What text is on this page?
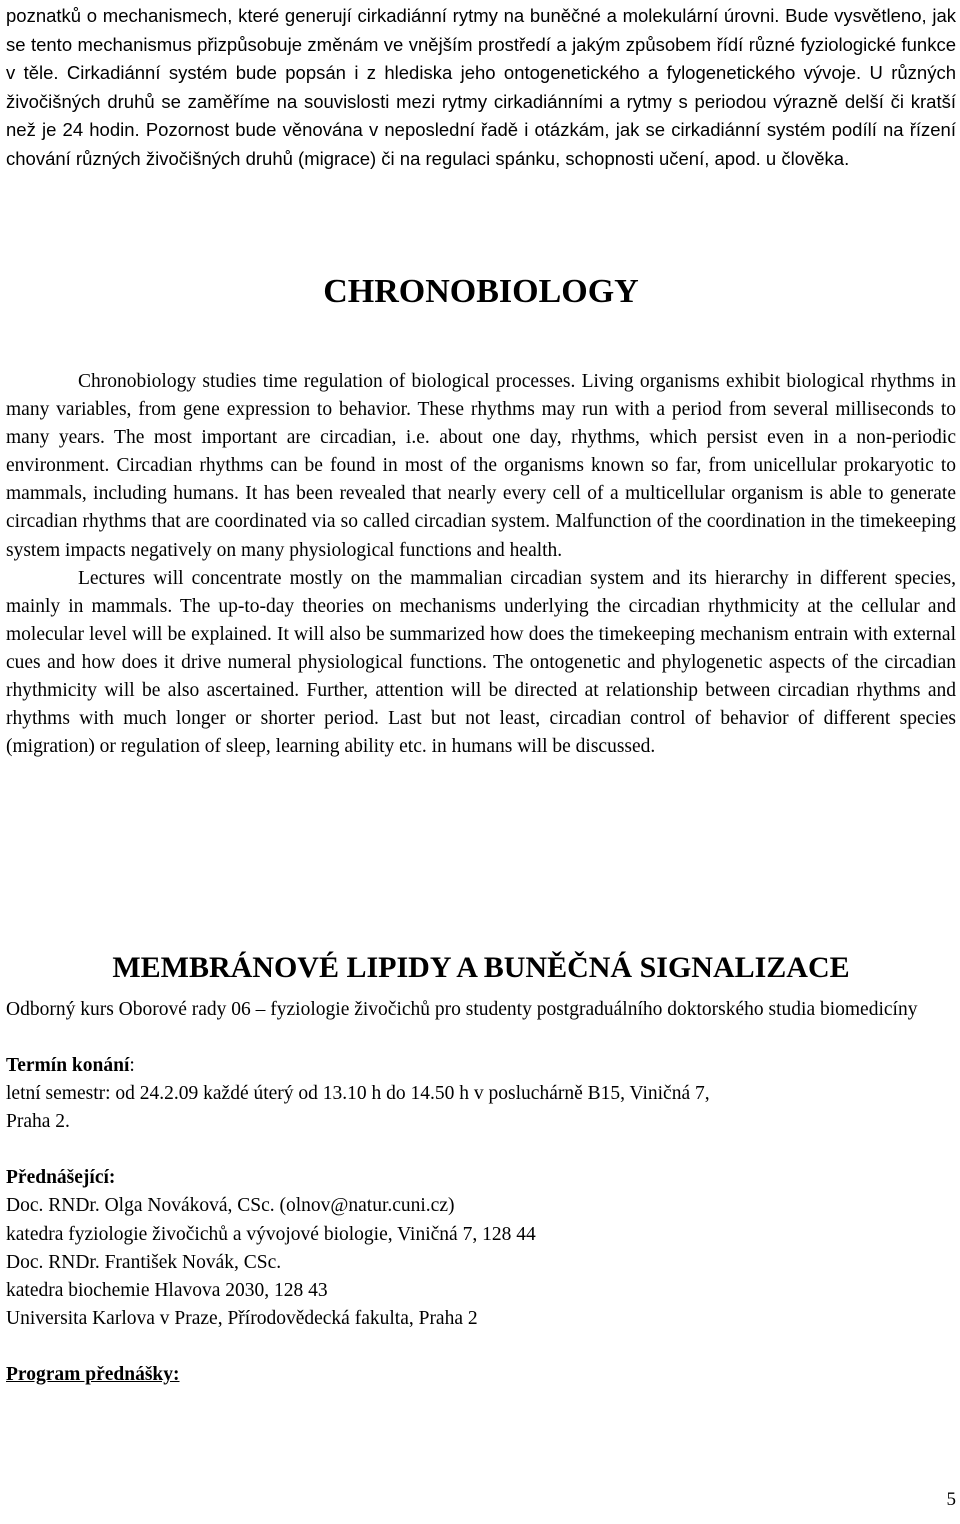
poznatků o mechanismech, které generují cirkadiánní rytmy na buněčné a molekulární úrovni. Bude vysvětleno, jak se tento mechanismus přizpůsobuje změnám ve vnějším prostředí a jakým způsobem řídí různé fyziologické funkce v těle. Cirkadiánní systém bude popsán i z hlediska jeho ontogenetického a fylogenetického vývoje. U různých živočišných druhů se zaměříme na souvislosti mezi rytmy cirkadiánními a rytmy s periodou výrazně delší či kratší než je 24 hodin. Pozornost bude věnována v neposlední řadě i otázkám, jak se cirkadiánní systém podílí na řízení chování různých živočišných druhů (migrace) či na regulaci spánku, schopnosti učení, apod. u člověka.

CHRONOBIOLOGY

Chronobiology studies time regulation of biological processes. Living organisms exhibit biological rhythms in many variables, from gene expression to behavior. These rhythms may run with a period from several milliseconds to many years. The most important are circadian, i.e. about one day, rhythms, which persist even in a non-periodic environment. Circadian rhythms can be found in most of the organisms known so far, from unicellular prokaryotic to mammals, including humans. It has been revealed that nearly every cell of a multicellular organism is able to generate circadian rhythms that are coordinated via so called circadian system. Malfunction of the coordination in the timekeeping system impacts negatively on many physiological functions and health.

Lectures will concentrate mostly on the mammalian circadian system and its hierarchy in different species, mainly in mammals. The up-to-day theories on mechanisms underlying the circadian rhythmicity at the cellular and molecular level will be explained. It will also be summarized how does the timekeeping mechanism entrain with external cues and how does it drive numeral physiological functions. The ontogenetic and phylogenetic aspects of the circadian rhythmicity will be also ascertained. Further, attention will be directed at relationship between circadian rhythms and rhythms with much longer or shorter period. Last but not least, circadian control of behavior of different species (migration) or regulation of sleep, learning ability etc. in humans will be discussed.

MEMBRÁNOVÉ LIPIDY A BUNĚČNÁ SIGNALIZACE
Odborný kurs Oborové rady 06 – fyziologie živočichů pro studenty postgraduálního doktorského studia biomedicíny
Termín konání:
letní semestr: od 24.2.09 každé úterý od 13.10 h do 14.50 h v posluchárně B15, Viničná 7,
Praha 2.
Přednášející:
Doc. RNDr. Olga Nováková, CSc. (olnov@natur.cuni.cz)
katedra fyziologie živočichů a vývojové biologie, Viničná 7, 128 44
Doc. RNDr. František Novák, CSc.
katedra biochemie Hlavova 2030, 128 43
Universita Karlova v Praze, Přírodovědecká fakulta, Praha 2
Program přednášky:
5
